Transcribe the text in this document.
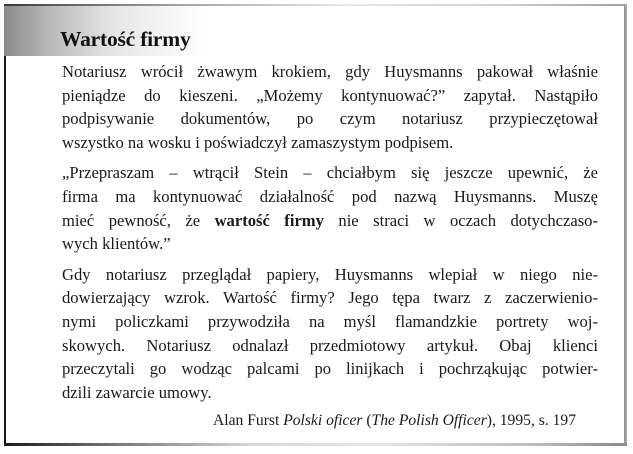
Wartość firmy

Notariusz wrócił żwawym krokiem, gdy Huysmanns pakował właśnie
pieniądze do kieszeni. „Możemy kontynuować?” zapytał. Nastąpiło
podpisywanie dokumentów, po czym notariusz przypieczętował
wszystko na wosku i poświadczył zamaszystym podpisem.

„Przepraszam – wtrącił Stein – chciałbym się jeszcze upewnić, że
firma ma kontynuować działalność pod nazwą Huysmanns. Muszę
mieć pewność, że wartość firmy nie straci w oczach dotychczaso-
wych klientów.”

Gdy notariusz przeglądał papiery, Huysmanns wlepiał w niego nie-
dowierzający wzrok. Wartość firmy? Jego tępa twarz z zaczerwienio-
nymi policzkami przywodziła na myśl flamandzkie portrety woj-
skowych. Notariusz odnalazł przedmiotowy artykuł. Obaj klienci
przeczytali go wodząc palcami po linijkach i pochrząkując potwier-
dzili zawarcie umowy.

Alan Furst Polski oficer (The Polish Officer), 1995, s. 197
